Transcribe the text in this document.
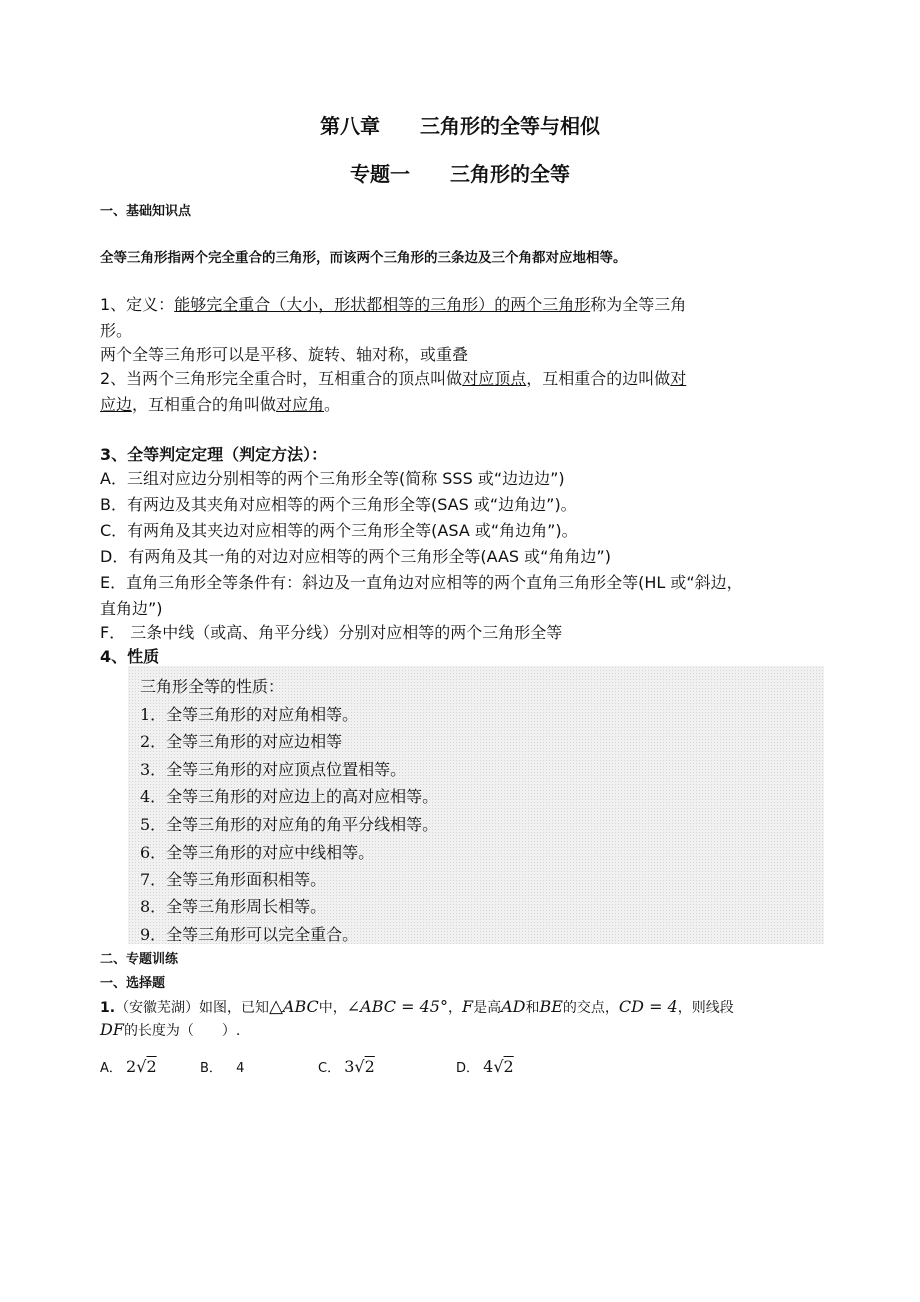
第八章　　三角形的全等与相似
专题一　　三角形的全等
一、基础知识点
全等三角形指两个完全重合的三角形，而该两个三角形的三条边及三个角都对应地相等。
1、定义：能够完全重合（大小，形状都相等的三角形）的两个三角形称为全等三角
形。
两个全等三角形可以是平移、旋转、轴对称，或重叠
2、当两个三角形完全重合时，互相重合的顶点叫做对应顶点，互相重合的边叫做对
应边，互相重合的角叫做对应角。
3、全等判定定理（判定方法）：
A．三组对应边分别相等的两个三角形全等(简称 SSS 或“边边边”)
B．有两边及其夹角对应相等的两个三角形全等(SAS 或“边角边”)。
C．有两角及其夹边对应相等的两个三角形全等(ASA 或“角边角”)。
D．有两角及其一角的对边对应相等的两个三角形全等(AAS 或“角角边”)
E．直角三角形全等条件有：斜边及一直角边对应相等的两个直角三角形全等(HL 或“斜边，
直角边”)
F． 三条中线（或高、角平分线）分别对应相等的两个三角形全等
4、性质
三角形全等的性质：
1．全等三角形的对应角相等。
2．全等三角形的对应边相等
3．全等三角形的对应顶点位置相等。
4．全等三角形的对应边上的高对应相等。
5．全等三角形的对应角的角平分线相等。
6．全等三角形的对应中线相等。
7．全等三角形面积相等。
8．全等三角形周长相等。
9．全等三角形可以完全重合。
二、专题训练
一、选择题
1.（安徽芜湖）如图，已知△ABC中，∠ABC = 45°，F是高AD和BE的交点，CD = 4，则线段
DF的长度为（　　）.
A． 2√2	B． 4	C． 3√2	D． 4√2
